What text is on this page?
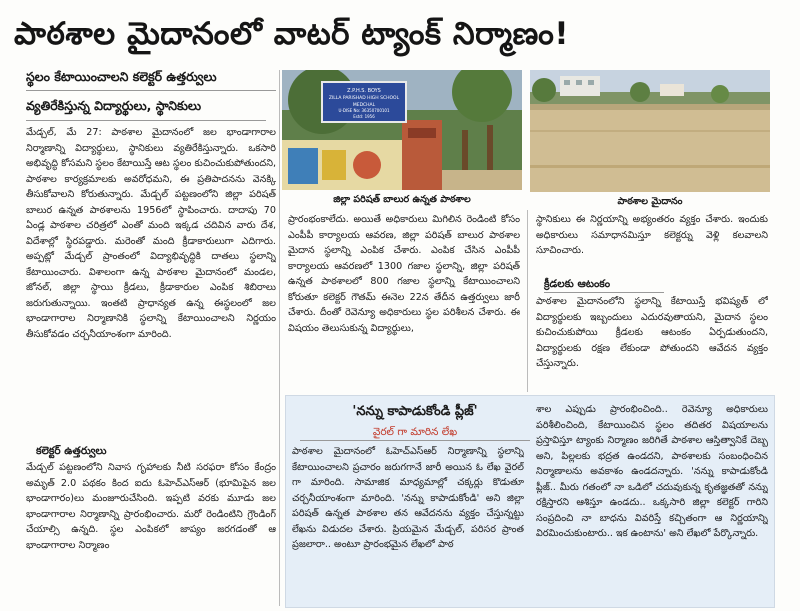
పాఠశాల మైదానంలో వాటర్ ట్యాంక్ నిర్మాణం!
స్థలం కేటాయించాలని కలెక్టర్ ఉత్తర్వులు
వ్యతిరేకిస్తున్న విద్యార్థులు, స్థానికులు

మేడ్చల్, మే 27: పాఠశాల మైదానంలో జల భాండాగారాల నిర్మాణాన్ని విద్యార్థులు, స్థానికులు వ్యతిరేకిస్తున్నారు. ఒకసారి అభివృద్ధి కోసమని స్థలం కేటాయిస్తే ఆట స్థలం కుచించుకుపోతుందని, పాఠశాల కార్యక్రమాలకు అవరోధమని, ఈ ప్రతిపాదనను వెనక్కి తీసుకోవాలని కోరుతున్నారు. మేడ్చల్ పట్టణంలోని జిల్లా పరిషత్ బాలుర ఉన్నత పాఠశాలను 1956లో స్థాపించారు. దాదాపు 70 ఏండ్ల పాఠశాల చరిత్రలో ఎంతో మంది ఇక్కడ చదివిన వారు దేశ, విదేశాల్లో స్థిరపడ్డారు. మరెంతో మంది క్రీడాకారులుగా ఎదిగారు. అప్పట్లో మేడ్చల్ ప్రాంతంలో విద్యాభివృద్ధికి దాతలు స్థలాన్ని కేటాయించారు. విశాలంగా ఉన్న పాఠశాల మైదానంలో మండల, జోనల్, జిల్లా స్థాయి క్రీడలు, క్రీడాకారుల ఎంపిక శిబిరాలు జరుగుతున్నాయి. ఇంతటి ప్రాధాన్యత ఉన్న ఈస్థలంలో జల భాండాగారాల నిర్మాణానికి స్థలాన్ని కేటాయించాలని నిర్ణయం తీసుకోవడం చర్చనీయాంశంగా మారింది.

కలెక్టర్ ఉత్తర్వులు

మేడ్చల్ పట్టణంలోని నివాస గృహాలకు నీటి సరఫరా కోసం కేంద్రం అమృత్ 2.0 పథకం కింద ఐదు ఓహెచ్ఎస్ఆర్ (భూమిపైన జల భాండాగారం)లు మంజూరుచేసింది. ఇప్పటి వరకు మూడు జల భాండాగారాల నిర్మాణాన్ని ప్రారంభించారు. మరో రెండింటిని గ్రౌండింగ్ చేయాల్సి ఉన్నది. స్థల ఎంపికలో జాప్యం జరగడంతో ఆ భాండాగారాల నిర్మాణం

Z.P.H.S. BOYS
ZILLA PARISHAD HIGH SCHOOL
MEDCHAL
U-DISE No: 36350700101
Estd: 1956
జిల్లా పరిషత్ బాలుర ఉన్నత పాఠశాల	పాఠశాల మైదానం

ప్రారంభంకాలేదు. అయితే అధికారులు మిగిలిన రెండింటి కోసం ఎంపీపీ కార్యాలయ ఆవరణ, జిల్లా పరిషత్ బాలుర పాఠశాల మైదాన స్థలాన్ని ఎంపిక చేశారు. ఎంపిక చేసిన ఎంపీపీ కార్యాలయ ఆవరణలో 1300 గజాల స్థలాన్ని, జిల్లా పరిషత్ ఉన్నత పాఠశాలలో 800 గజాల స్థలాన్ని కేటాయించాలని కోరుతూ కలెక్టర్ గౌతమ్ ఈనెల 22న తేదీన ఉత్తర్వులు జారీ చేశారు. దీంతో రెవెన్యూ అధికారులు స్థల పరిశీలన చేశారు. ఈ విషయం తెలుసుకున్న విద్యార్థులు,

స్థానికులు ఈ నిర్ణయాన్ని అభ్యంతరం వ్యక్తం చేశారు. ఇందుకు అధికారులు సమాధానమిస్తూ కలెక్టర్ను వెళ్లి కలవాలని సూచించారు.

క్రీడలకు ఆటంకం

పాఠశాల మైదానంలోని స్థలాన్ని కేటాయిస్తే భవిష్యత్ లో విద్యార్థులకు ఇబ్బందులు ఎదురవుతాయని, మైదాన స్థలం కుచించుకుపోయి క్రీడలకు ఆటంకం ఏర్పడుతుందని, విద్యార్థులకు రక్షణ లేకుండా పోతుందని ఆవేదన వ్యక్తం చేస్తున్నారు.

'నన్ను కాపాడుకోండి ప్లీజ్'
వైరల్ గా మారిన లేఖ

పాఠశాల మైదానంలో ఓహెచ్ఎస్ఆర్ నిర్మాణాన్ని స్థలాన్ని కేటాయించాలని ప్రచారం జరుగగానే జారీ అయిన ఓ లేఖ వైరల్ గా మారింది. సామాజిక మాధ్యమాల్లో చక్కర్లు కొడుతూ చర్చనీయాంశంగా మారింది. 'నన్ను కాపాడుకోండి' అని జిల్లా పరిషత్ ఉన్నత పాఠశాల తన ఆవేదనను వ్యక్తం చేస్తున్నట్టు లేఖను విడుదల చేశారు. ప్రియమైన మేడ్చల్, పరిసర ప్రాంత ప్రజలారా.. అంటూ ప్రారంభమైన లేఖలో పాఠ

శాల ఎప్పుడు ప్రారంభించింది.. రెవెన్యూ అధికారులు పరిశీలించింది, కేటాయించిన స్థలం తదితర విషయాలను ప్రస్తావిస్తూ ట్యాంకు నిర్మాణం జరిగితే పాఠశాల ఆస్తిత్వానికే దెబ్బ అని, పిల్లలకు భద్రత ఉండదని, పాఠశాలకు సంబంధించిన నిర్మాణాలను అవకాశం ఉండదన్నారు. 'నన్ను కాపాడుకోండి ప్లీజ్.. మీరు గతంలో నా ఒడిలో చదువుకున్న కృతజ్ఞతతో నన్ను రక్షిస్తారని ఆశిస్తూ ఉండదు.. ఒక్కసారి జిల్లా కలెక్టర్ గారిని సంప్రదించి నా బాధను వివరిస్తే కచ్చితంగా ఆ నిర్ణయాన్ని విరమించుకుంటారు.. ఇక ఉంటాను' అని లేఖలో పేర్కొన్నారు.
